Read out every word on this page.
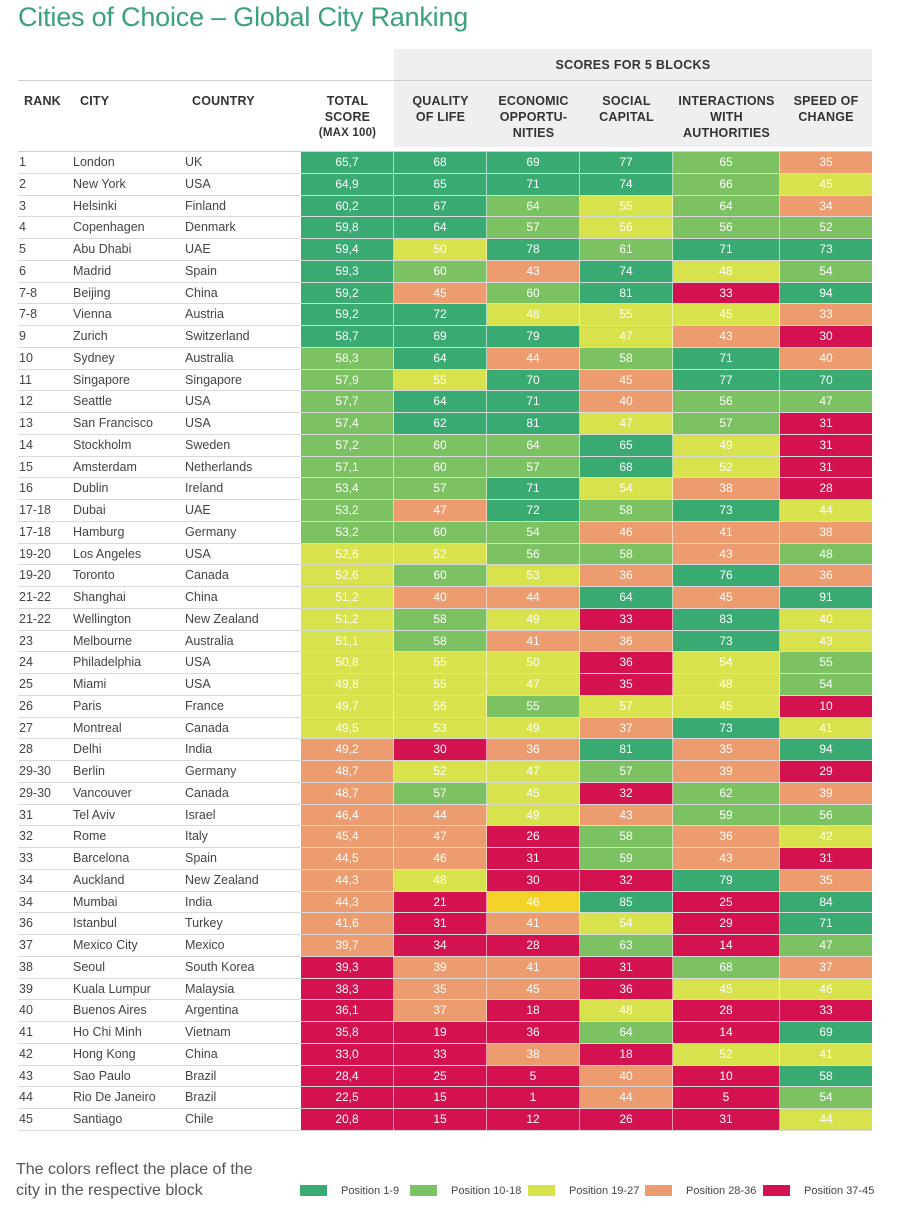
Cities of Choice – Global City Ranking
SCORES FOR 5 BLOCKS
RANK CITY	COUNTRY	TOTAL
SCORE
(MAX 100)
QUALITY
OF LIFE
ECONOMIC
OPPORTU-
NITIES
SOCIAL
CAPITAL
INTERACTIONS
WITH
AUTHORITIES
SPEED OF
CHANGE
1	London	UK	65,7	68	69	77	65	35
2	New York	USA	64,9	65	71	74	66	45
3	Helsinki	Finland	60,2	67	64	55	64	34
4	Copenhagen	Denmark	59,8	64	57	56	56	52
5	Abu Dhabi	UAE	59,4	50	78	61	71	73
6	Madrid	Spain	59,3	60	43	74	48	54
7-8	Beijing	China	59,2	45	60	81	33	94
7-8	Vienna	Austria	59,2	72	48	55	45	33
9	Zurich	Switzerland	58,7	69	79	47	43	30
10	Sydney	Australia	58,3	64	44	58	71	40
11	Singapore	Singapore	57,9	55	70	45	77	70
12	Seattle	USA	57,7	64	71	40	56	47
13	San Francisco	USA	57,4	62	81	47	57	31
14	Stockholm	Sweden	57,2	60	64	65	49	31
15	Amsterdam	Netherlands	57,1	60	57	68	52	31
16	Dublin	Ireland	53,4	57	71	54	38	28
17-18	Dubai	UAE	53,2	47	72	58	73	44
17-18	Hamburg	Germany	53,2	60	54	46	41	38
19-20	Los Angeles	USA	52,6	52	56	58	43	48
19-20	Toronto	Canada	52,6	60	53	36	76	36
21-22	Shanghai	China	51,2	40	44	64	45	91
21-22	Wellington	New Zealand	51,2	58	49	33	83	40
23	Melbourne	Australia	51,1	58	41	36	73	43
24	Philadelphia	USA	50,8	55	50	36	54	55
25	Miami	USA	49,8	55	47	35	48	54
26	Paris	France	49,7	56	55	57	45	10
27	Montreal	Canada	49,5	53	49	37	73	41
28	Delhi	India	49,2	30	36	81	35	94
29-30	Berlin	Germany	48,7	52	47	57	39	29
29-30	Vancouver	Canada	48,7	57	45	32	62	39
31	Tel Aviv	Israel	46,4	44	49	43	59	56
32	Rome	Italy	45,4	47	26	58	36	42
33	Barcelona	Spain	44,5	46	31	59	43	31
34	Auckland	New Zealand	44,3	48	30	32	79	35
34	Mumbai	India	44,3	21	46	85	25	84
36	Istanbul	Turkey	41,6	31	41	54	29	71
37	Mexico City	Mexico	39,7	34	28	63	14	47
38	Seoul	South Korea	39,3	39	41	31	68	37
39	Kuala Lumpur	Malaysia	38,3	35	45	36	45	46
40	Buenos Aires	Argentina	36,1	37	18	48	28	33
41	Ho Chi Minh	Vietnam	35,8	19	36	64	14	69
42	Hong Kong	China	33,0	33	38	18	52	41
43	Sao Paulo	Brazil	28,4	25	5	40	10	58
44	Rio De Janeiro	Brazil	22,5	15	1	44	5	54
45	Santiago	Chile	20,8	15	12	26	31	44
The colors reflect the place of the city in the respective block	Position 1-9	Position 10-18	Position 19-27	Position 28-36	Position 37-45
